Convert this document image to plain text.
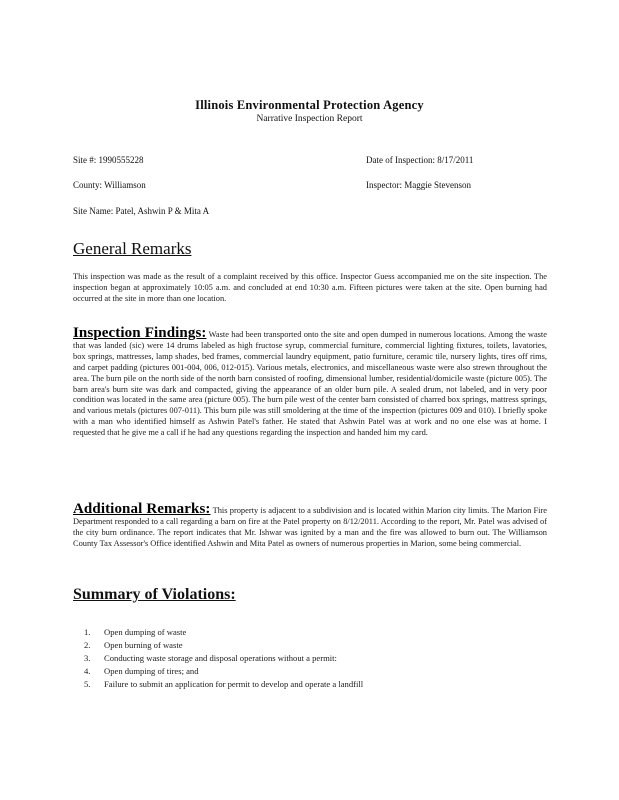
Illinois Environmental Protection Agency
Narrative Inspection Report
Site #: 1990555228	Date of Inspection: 8/17/2011
County: Williamson	Inspector: Maggie Stevenson
Site Name: Patel, Ashwin P & Mita A
General Remarks

This inspection was made as the result of a complaint received by this office. Inspector Guess accompanied me on the site inspection. The inspection began at approximately 10:05 a.m. and concluded at end 10:30 a.m. Fifteen pictures were taken at the site. Open burning had occurred at the site in more than one location.

Inspection Findings: Waste had been transported onto the site and open dumped in numerous locations. Among the waste that was landed (sic) were 14 drums labeled as high fructose syrup, commercial furniture, commercial lighting fixtures, toilets, lavatories, box springs, mattresses, lamp shades, bed frames, commercial laundry equipment, patio furniture, ceramic tile, nursery lights, tires off rims, and carpet padding (pictures 001-004, 006, 012-015). Various metals, electronics, and miscellaneous waste were also strewn throughout the area. The burn pile on the north side of the north barn consisted of roofing, dimensional lumber, residential/domicile waste (picture 005). The barn area's burn site was dark and compacted, giving the appearance of an older burn pile. A sealed drum, not labeled, and in very poor condition was located in the same area (picture 005). The burn pile west of the center barn consisted of charred box springs, mattress springs, and various metals (pictures 007-011). This burn pile was still smoldering at the time of the inspection (pictures 009 and 010). I briefly spoke with a man who identified himself as Ashwin Patel's father. He stated that Ashwin Patel was at work and no one else was at home. I requested that he give me a call if he had any questions regarding the inspection and handed him my card.

Additional Remarks: This property is adjacent to a subdivision and is located within Marion city limits. The Marion Fire Department responded to a call regarding a barn on fire at the Patel property on 8/12/2011. According to the report, Mr. Patel was advised of the city burn ordinance. The report indicates that Mr. Ishwar was ignited by a man and the fire was allowed to burn out. The Williamson County Tax Assessor's Office identified Ashwin and Mita Patel as owners of numerous properties in Marion, some being commercial.

Summary of Violations:
1.	Open dumping of waste
2.	Open burning of waste
3.	Conducting waste storage and disposal operations without a permit:
4.	Open dumping of tires; and
5.	Failure to submit an application for permit to develop and operate a landfill
